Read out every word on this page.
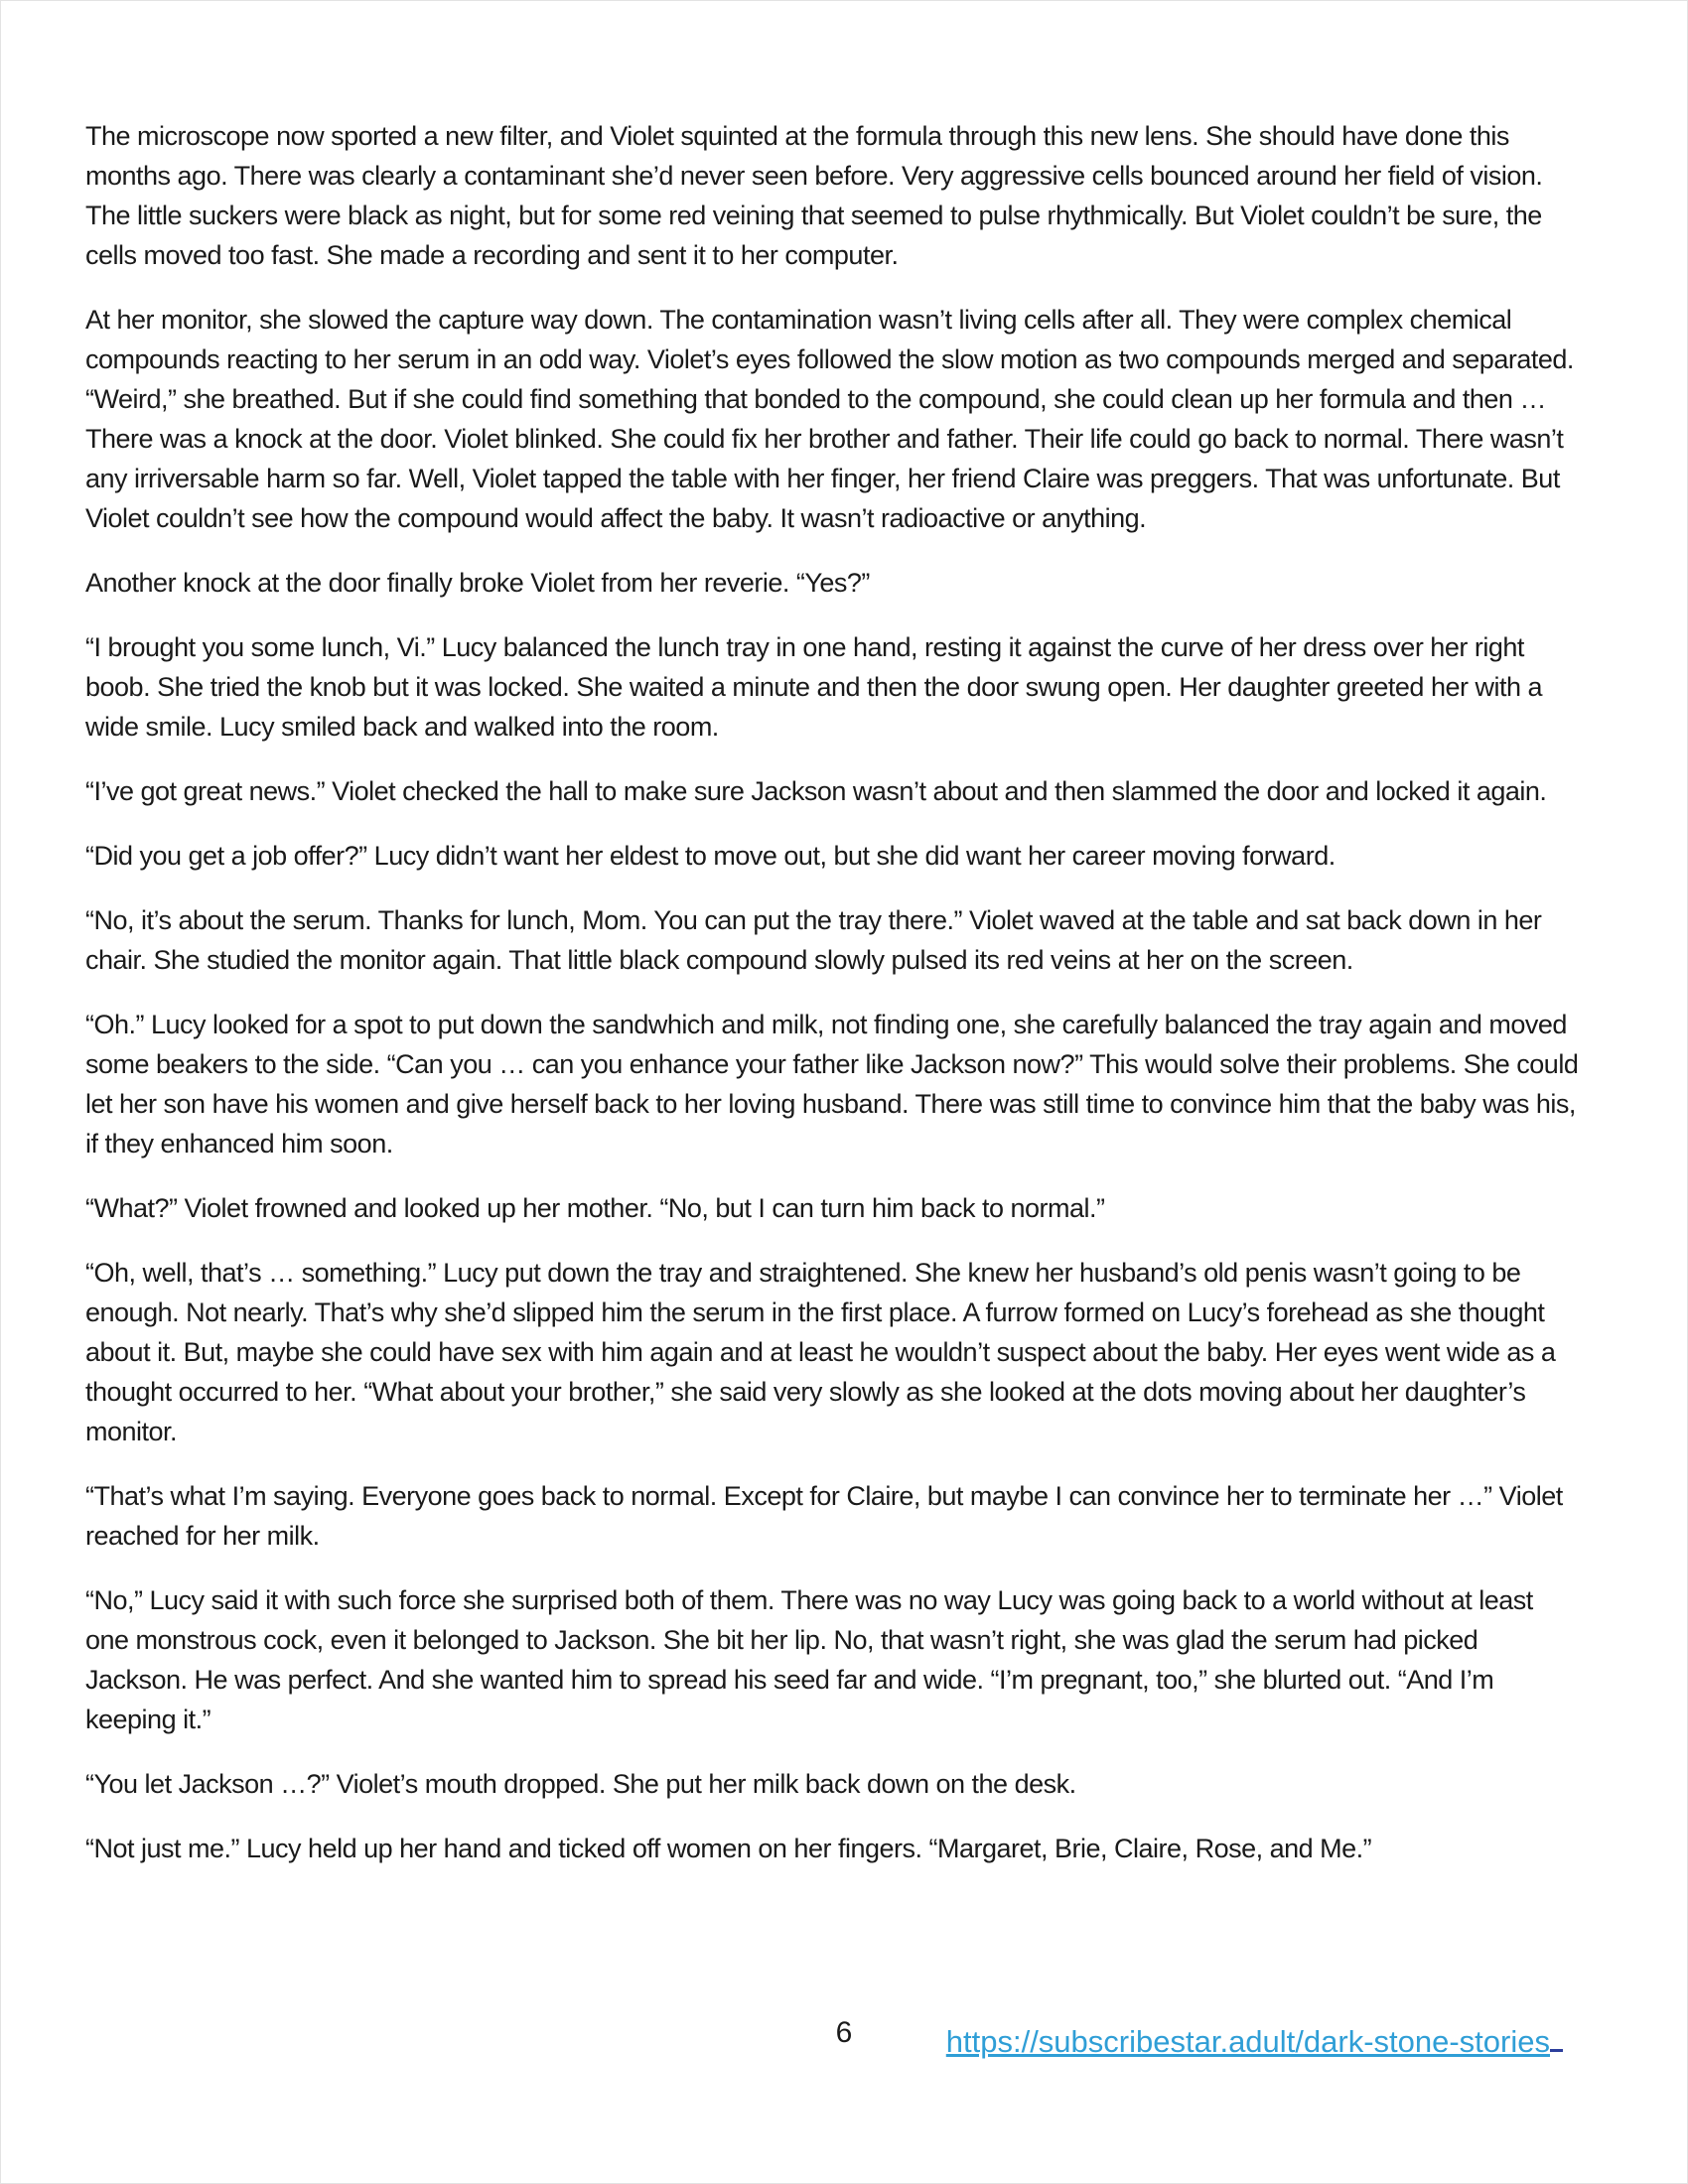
The microscope now sported a new filter, and Violet squinted at the formula through this new lens. She should have done this months ago. There was clearly a contaminant she’d never seen before. Very aggressive cells bounced around her field of vision. The little suckers were black as night, but for some red veining that seemed to pulse rhythmically. But Violet couldn’t be sure, the cells moved too fast. She made a recording and sent it to her computer.

At her monitor, she slowed the capture way down. The contamination wasn’t living cells after all. They were complex chemical compounds reacting to her serum in an odd way. Violet’s eyes followed the slow motion as two compounds merged and separated. “Weird,” she breathed. But if she could find something that bonded to the compound, she could clean up her formula and then … There was a knock at the door. Violet blinked. She could fix her brother and father. Their life could go back to normal. There wasn’t any irriversable harm so far. Well, Violet tapped the table with her finger, her friend Claire was preggers. That was unfortunate. But Violet couldn’t see how the compound would affect the baby. It wasn’t radioactive or anything.

Another knock at the door finally broke Violet from her reverie. “Yes?”

“I brought you some lunch, Vi.” Lucy balanced the lunch tray in one hand, resting it against the curve of her dress over her right boob. She tried the knob but it was locked. She waited a minute and then the door swung open. Her daughter greeted her with a wide smile. Lucy smiled back and walked into the room.

“I’ve got great news.” Violet checked the hall to make sure Jackson wasn’t about and then slammed the door and locked it again.

“Did you get a job offer?” Lucy didn’t want her eldest to move out, but she did want her career moving forward.

“No, it’s about the serum. Thanks for lunch, Mom. You can put the tray there.” Violet waved at the table and sat back down in her chair. She studied the monitor again. That little black compound slowly pulsed its red veins at her on the screen.

“Oh.” Lucy looked for a spot to put down the sandwhich and milk, not finding one, she carefully balanced the tray again and moved some beakers to the side. “Can you … can you enhance your father like Jackson now?” This would solve their problems. She could let her son have his women and give herself back to her loving husband. There was still time to convince him that the baby was his, if they enhanced him soon.

“What?” Violet frowned and looked up her mother. “No, but I can turn him back to normal.”

“Oh, well, that’s … something.” Lucy put down the tray and straightened. She knew her husband’s old penis wasn’t going to be enough. Not nearly. That’s why she’d slipped him the serum in the first place. A furrow formed on Lucy’s forehead as she thought about it. But, maybe she could have sex with him again and at least he wouldn’t suspect about the baby. Her eyes went wide as a thought occurred to her. “What about your brother,” she said very slowly as she looked at the dots moving about her daughter’s monitor.

“That’s what I’m saying. Everyone goes back to normal. Except for Claire, but maybe I can convince her to terminate her …” Violet reached for her milk.

“No,” Lucy said it with such force she surprised both of them. There was no way Lucy was going back to a world without at least one monstrous cock, even it belonged to Jackson. She bit her lip. No, that wasn’t right, she was glad the serum had picked Jackson. He was perfect. And she wanted him to spread his seed far and wide. “I’m pregnant, too,” she blurted out. “And I’m keeping it.”

“You let Jackson …?” Violet’s mouth dropped. She put her milk back down on the desk.

“Not just me.” Lucy held up her hand and ticked off women on her fingers. “Margaret, Brie, Claire, Rose, and Me.”

6	https://subscribestar.adult/dark-stone-stories
